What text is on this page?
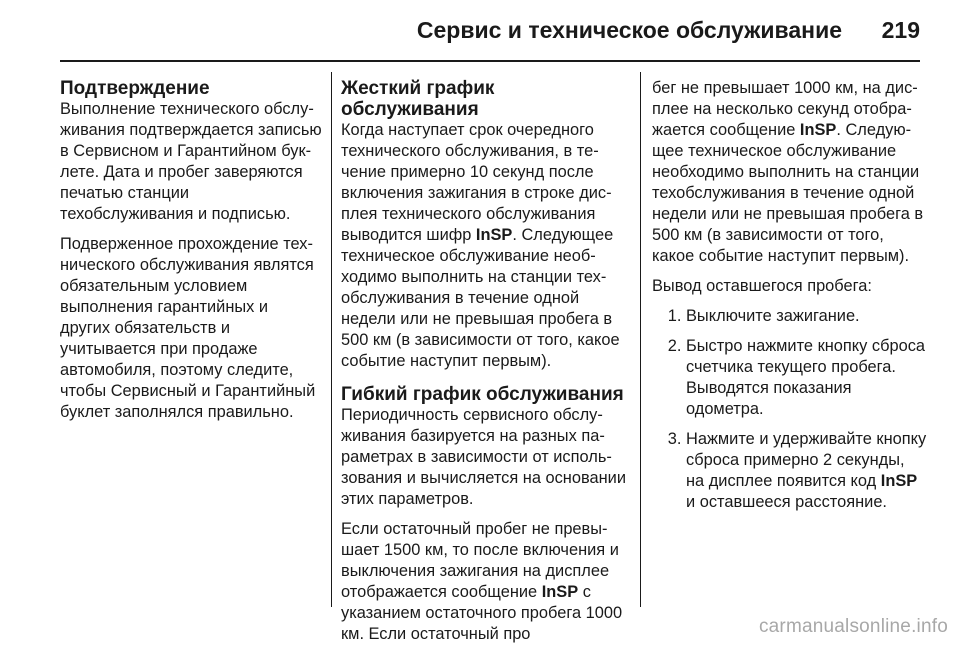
Сервис и техническое обслуживание 219
Подтверждение

Выполнение технического обслуживания подтверждается записью в Сервисном и Гарантийном буклете. Дата и пробег заверяются печатью станции техобслуживания и подписью.

Подверженное прохождение технического обслуживания являтся обязательным условием выполнения гарантийных и других обязательств и учитывается при продаже автомобиля, поэтому следите, чтобы Сервисный и Гарантийный буклет заполнялся правильно.

Жесткий график обслуживания

Когда наступает срок очередного технического обслуживания, в течение примерно 10 секунд после включения зажигания в строке дисплея технического обслуживания выводится шифр InSP. Следующее техническое обслуживание необходимо выполнить на станции техобслуживания в течение одной недели или не превышая пробега в 500 км (в зависимости от того, какое событие наступит первым).

Гибкий график обслуживания

Периодичность сервисного обслуживания базируется на разных параметрах в зависимости от использования и вычисляется на основании этих параметров.

Если остаточный пробег не превышает 1500 км, то после включения и выключения зажигания на дисплее отображается сообщение InSP с указанием остаточного пробега 1000 км. Если остаточный про

бег не превышает 1000 км, на дисплее на несколько секунд отображается сообщение InSP. Следующее техническое обслуживание необходимо выполнить на станции техобслуживания в течение одной недели или не превышая пробега в 500 км (в зависимости от того, какое событие наступит первым).

Вывод оставшегося пробега:

1. Выключите зажигание.
2. Быстро нажмите кнопку сброса счетчика текущего пробега. Выводятся показания одометра.
3. Нажмите и удерживайте кнопку сброса примерно 2 секунды, на дисплее появится код InSP и оставшееся расстояние.
carmanualsonline.info
